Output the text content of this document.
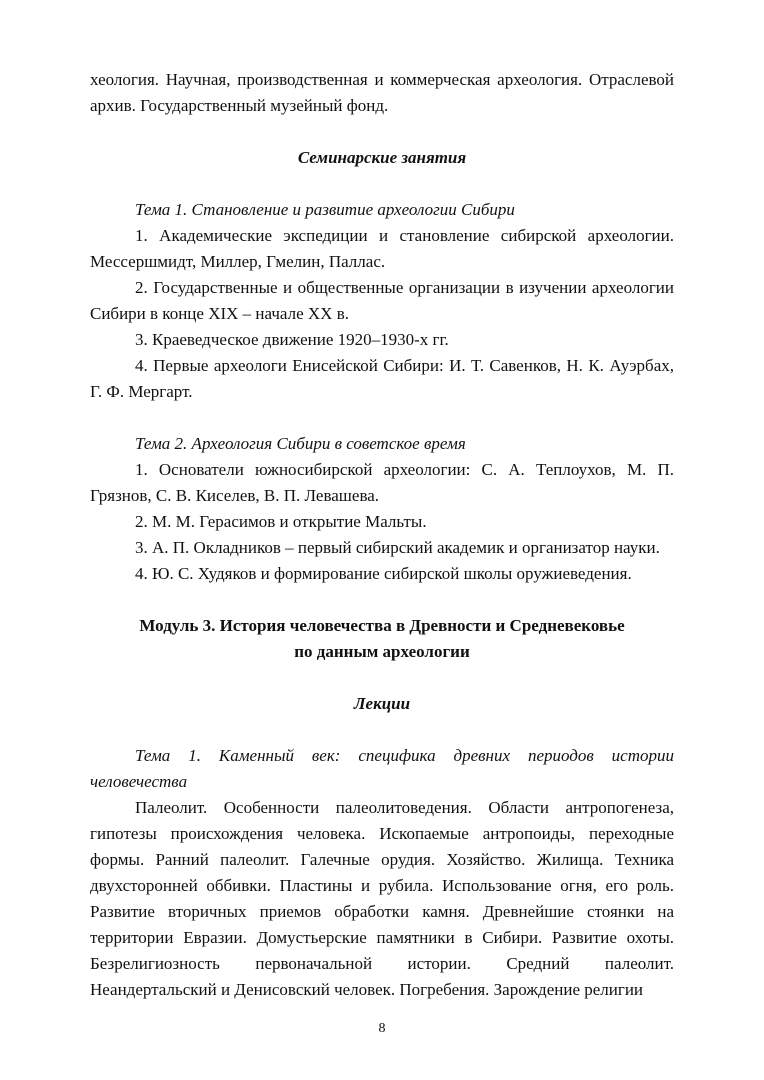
хеология. Научная, производственная и коммерческая археология. Отраслевой архив. Государственный музейный фонд.

Семинарские занятия

Тема 1. Становление и развитие археологии Сибири

1. Академические экспедиции и становление сибирской археологии. Мессершмидт, Миллер, Гмелин, Паллас.

2. Государственные и общественные организации в изучении археологии Сибири в конце XIX – начале XX в.

3. Краеведческое движение 1920–1930-х гг.

4. Первые археологи Енисейской Сибири: И. Т. Савенков, Н. К. Ауэрбах, Г. Ф. Мергарт.

Тема 2. Археология Сибири в советское время

1. Основатели южносибирской археологии: С. А. Теплоухов, М. П. Грязнов, С. В. Киселев, В. П. Левашева.

2. М. М. Герасимов и открытие Мальты.

3. А. П. Окладников – первый сибирский академик и организатор науки.

4. Ю. С. Худяков и формирование сибирской школы оружиеведения.

Модуль 3. История человечества в Древности и Средневековье

по данным археологии

Лекции

Тема 1. Каменный век: специфика древних периодов истории человечества

Палеолит. Особенности палеолитоведения. Области антропогенеза, гипотезы происхождения человека. Ископаемые антропоиды, переходные формы. Ранний палеолит. Галечные орудия. Хозяйство. Жилища. Техника двухсторонней оббивки. Пластины и рубила. Использование огня, его роль. Развитие вторичных приемов обработки камня. Древнейшие стоянки на территории Евразии. Домустьерские памятники в Сибири. Развитие охоты. Безрелигиозность первоначальной истории. Средний палеолит. Неандертальский и Денисовский человек. Погребения. Зарождение религии

8
